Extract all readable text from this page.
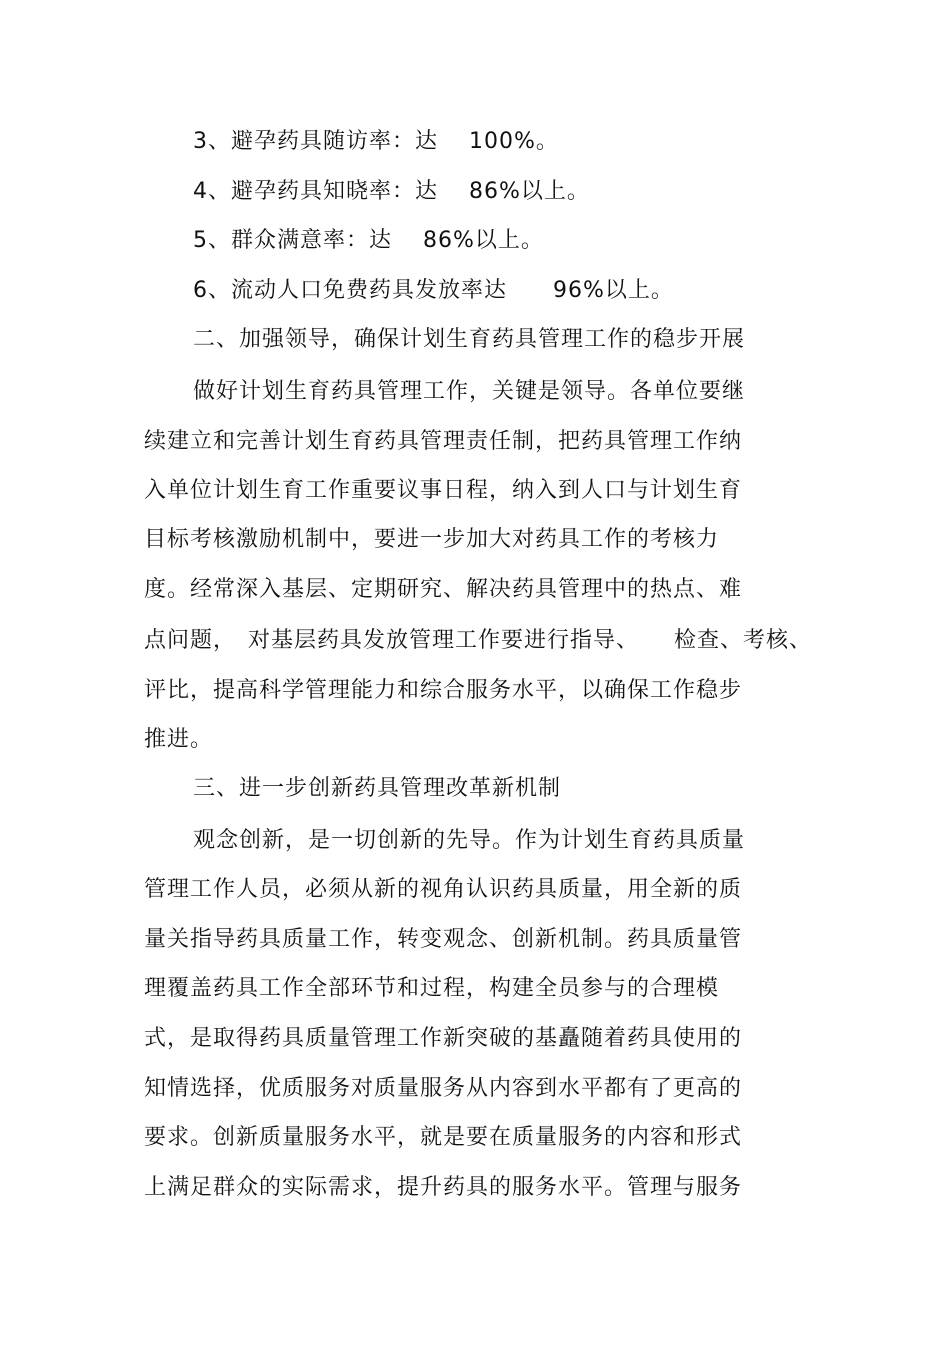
3、避孕药具随访率：达　 100%。
4、避孕药具知晓率：达　 86%以上。
5、群众满意率：达　 86%以上。
6、流动人口免费药具发放率达　　96%以上。
二、加强领导，确保计划生育药具管理工作的稳步开展
做好计划生育药具管理工作，关键是领导。各单位要继
续建立和完善计划生育药具管理责任制，把药具管理工作纳
入单位计划生育工作重要议事日程，纳入到人口与计划生育
目标考核激励机制中，要进一步加大对药具工作的考核力
度。经常深入基层、定期研究、解决药具管理中的热点、难
点问题，　对基层药具发放管理工作要进行指导、　　检查、考核、
评比，提高科学管理能力和综合服务水平，以确保工作稳步
推进。
三、进一步创新药具管理改革新机制
观念创新，是一切创新的先导。作为计划生育药具质量
管理工作人员，必须从新的视角认识药具质量，用全新的质
量关指导药具质量工作，转变观念、创新机制。药具质量管
理覆盖药具工作全部环节和过程，构建全员参与的合理模
式，是取得药具质量管理工作新突破的基矗随着药具使用的
知情选择，优质服务对质量服务从内容到水平都有了更高的
要求。创新质量服务水平，就是要在质量服务的内容和形式
上满足群众的实际需求，提升药具的服务水平。管理与服务
